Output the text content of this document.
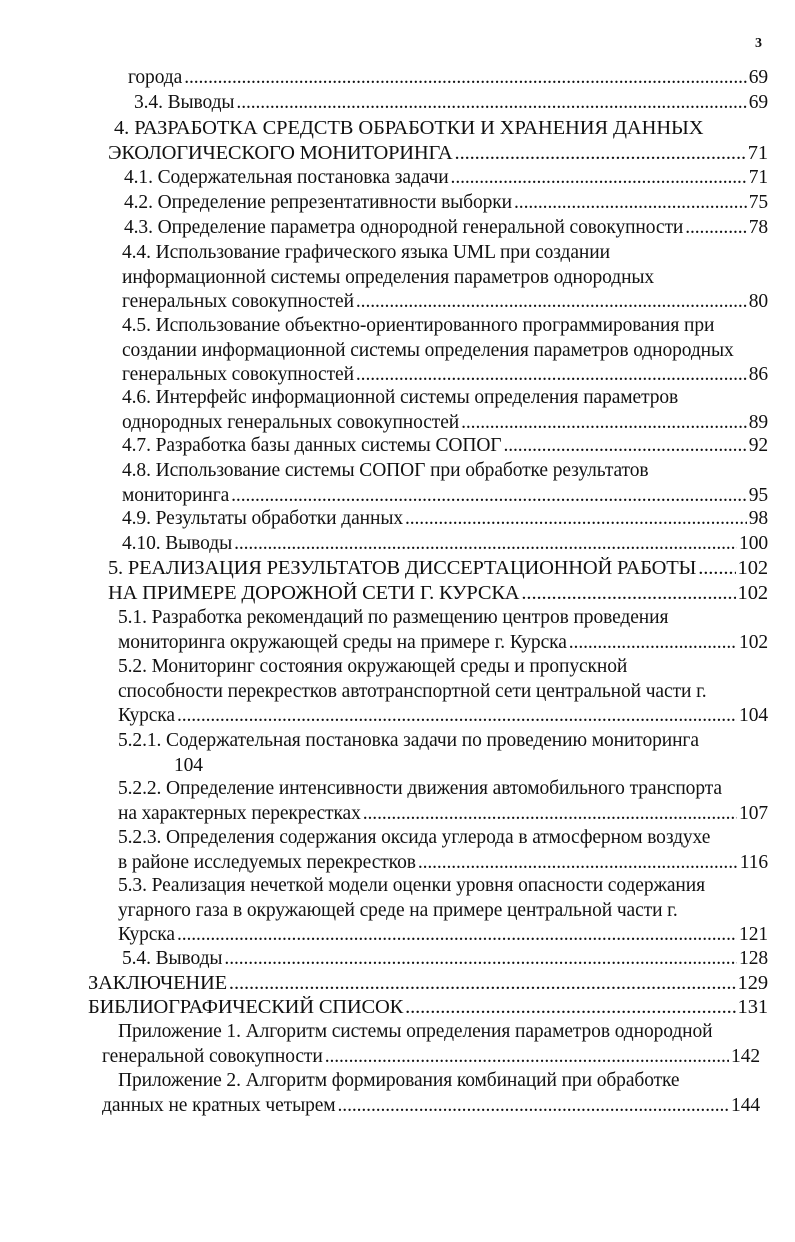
3
города .....	69
3.4. Выводы .....	69
4. РАЗРАБОТКА СРЕДСТВ ОБРАБОТКИ И ХРАНЕНИЯ ДАННЫХ
ЭКОЛОГИЧЕСКОГО МОНИТОРИНГА .....	71
4.1. Содержательная постановка задачи .....	71
4.2. Определение репрезентативности выборки .....	75
4.3. Определение параметра однородной генеральной совокупности .....	78
4.4. Использование графического языка UML при создании
информационной системы определения параметров однородных
генеральных совокупностей .....	80
4.5. Использование объектно-ориентированного программирования при
создании информационной системы определения параметров однородных
генеральных совокупностей .....	86
4.6. Интерфейс информационной системы определения параметров
однородных генеральных совокупностей .....	89
4.7. Разработка базы данных системы СОПОГ .....	92
4.8. Использование системы СОПОГ при обработке результатов
мониторинга .....	95
4.9. Результаты обработки данных .....	98
4.10. Выводы .....	100
5. РЕАЛИЗАЦИЯ РЕЗУЛЬТАТОВ ДИССЕРТАЦИОННОЙ РАБОТЫ ..... 102
НА ПРИМЕРЕ ДОРОЖНОЙ СЕТИ Г. КУРСКА .....	102
5.1. Разработка рекомендаций по размещению центров проведения
мониторинга окружающей среды на примере г. Курска .....	102
5.2. Мониторинг состояния окружающей среды и пропускной
способности перекрестков автотранспортной сети центральной части г.
Курска .....	104
5.2.1. Содержательная постановка задачи по проведению мониторинга
104
5.2.2. Определение интенсивности движения автомобильного транспорта
на характерных перекрестках .....	107
5.2.3. Определения содержания оксида углерода в атмосферном воздухе
в районе исследуемых перекрестков .....	116
5.3. Реализация нечеткой модели оценки уровня опасности содержания
угарного газа в окружающей среде на примере центральной части г.
Курска .....	121
5.4. Выводы .....	128
ЗАКЛЮЧЕНИЕ .....	129
БИБЛИОГРАФИЧЕСКИЙ СПИСОК .....	131
Приложение 1. Алгоритм системы определения параметров однородной
генеральной совокупности .....	142
Приложение 2. Алгоритм формирования комбинаций при обработке
данных не кратных четырем .....	144
